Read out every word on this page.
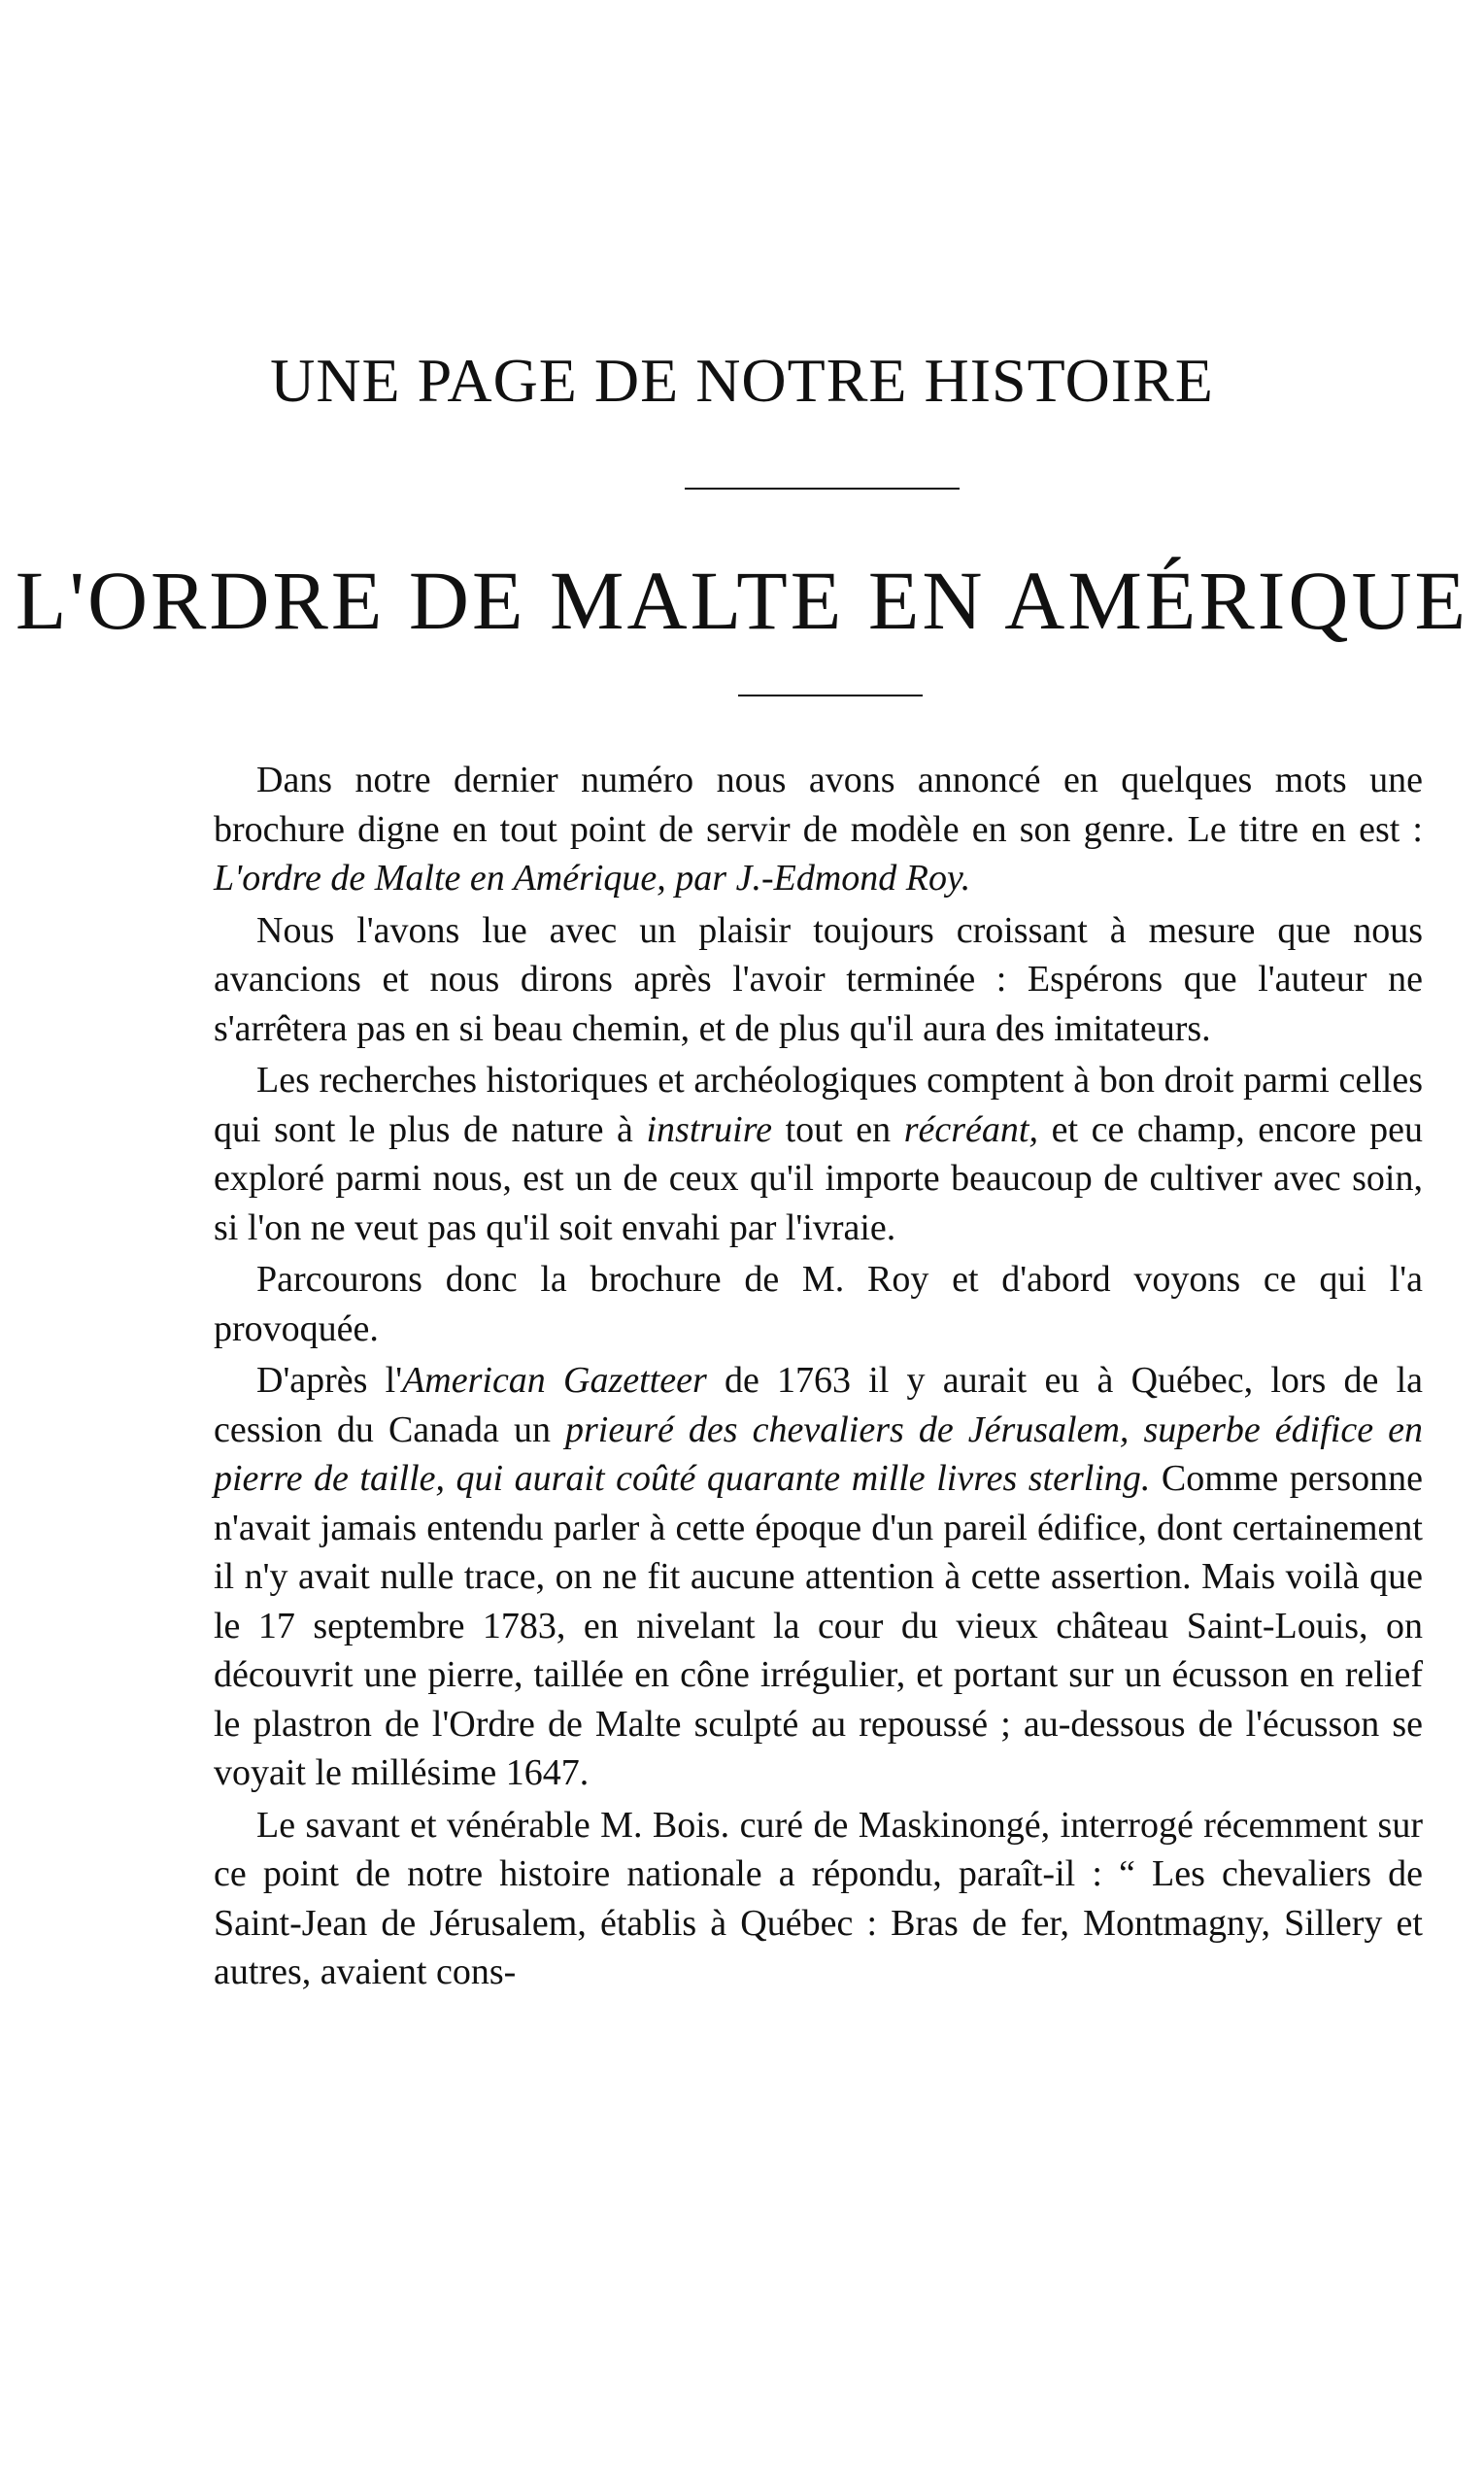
UNE PAGE DE NOTRE HISTOIRE
L'ORDRE DE MALTE EN AMÉRIQUE

Dans notre dernier numéro nous avons annoncé en quelques mots une brochure digne en tout point de servir de modèle en son genre. Le titre en est : L'ordre de Malte en Amérique, par J.-Edmond Roy.

Nous l'avons lue avec un plaisir toujours croissant à mesure que nous avancions et nous dirons après l'avoir terminée : Espérons que l'auteur ne s'arrêtera pas en si beau chemin, et de plus qu'il aura des imitateurs.

Les recherches historiques et archéologiques comptent à bon droit parmi celles qui sont le plus de nature à instruire tout en récréant, et ce champ, encore peu exploré parmi nous, est un de ceux qu'il importe beaucoup de cultiver avec soin, si l'on ne veut pas qu'il soit envahi par l'ivraie.

Parcourons donc la brochure de M. Roy et d'abord voyons ce qui l'a provoquée.

D'après l'American Gazetteer de 1763 il y aurait eu à Québec, lors de la cession du Canada un prieuré des chevaliers de Jérusalem, superbe édifice en pierre de taille, qui aurait coûté quarante mille livres sterling. Comme personne n'avait jamais entendu parler à cette époque d'un pareil édifice, dont certainement il n'y avait nulle trace, on ne fit aucune attention à cette assertion. Mais voilà que le 17 septembre 1783, en nivelant la cour du vieux château Saint-Louis, on découvrit une pierre, taillée en cône irrégulier, et portant sur un écusson en relief le plastron de l'Ordre de Malte sculpté au repoussé ; au-dessous de l'écusson se voyait le millésime 1647.

Le savant et vénérable M. Bois. curé de Maskinongé, interrogé récemment sur ce point de notre histoire nationale a répondu, paraît-il : “ Les chevaliers de Saint-Jean de Jérusalem, établis à Québec : Bras de fer, Montmagny, Sillery et autres, avaient cons-
